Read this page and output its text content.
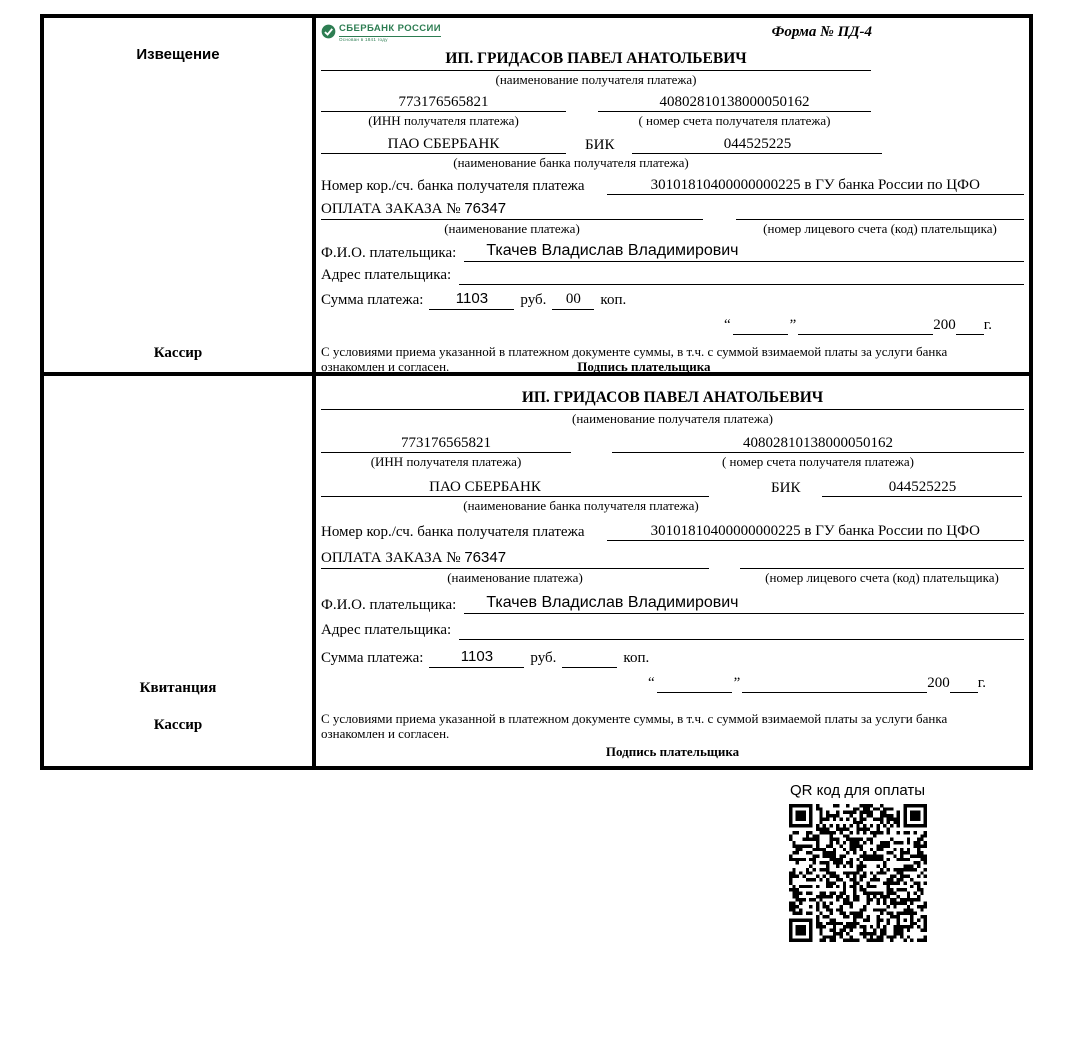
Извещение
Кассир
СБЕРБАНК РОССИИ
Основан в 1841 году	Форма № ПД-4
ИП. ГРИДАСОВ ПАВЕЛ АНАТОЛЬЕВИЧ
(наименование получателя платежа)
773176565821	40802810138000050162
(ИНН получателя платежа)	( номер счета получателя платежа)
ПАО СБЕРБАНК	БИК	044525225
(наименование банка получателя платежа)
Номер кор./сч. банка получателя платежа	30101810400000000225 в ГУ банка России по ЦФО
ОПЛАТА ЗАКАЗА № 76347
(наименование платежа)	(номер лицевого счета (код) плательщика)
Ф.И.О. плательщика:	Ткачев Владислав Владимирович
Адрес плательщика:
Сумма платежа:	1103	руб.	00	коп.
“	”	200 г.
С условиями приема указанной в платежном документе суммы, в т.ч. с суммой взимаемой платы за услуги банка
ознакомлен и согласен.	Подпись плательщика
Квитанция
Кассир
ИП. ГРИДАСОВ ПАВЕЛ АНАТОЛЬЕВИЧ
(наименование получателя платежа)
773176565821	40802810138000050162
(ИНН получателя платежа)	( номер счета получателя платежа)
ПАО СБЕРБАНК	БИК	044525225
(наименование банка получателя платежа)
Номер кор./сч. банка получателя платежа	30101810400000000225 в ГУ банка России по ЦФО
ОПЛАТА ЗАКАЗА № 76347
(наименование платежа)	(номер лицевого счета (код) плательщика)
Ф.И.О. плательщика:	Ткачев Владислав Владимирович
Адрес плательщика:
Сумма платежа:	1103	руб.	коп.
“	”	200 г.
С условиями приема указанной в платежном документе суммы, в т.ч. с суммой взимаемой платы за услуги банка
ознакомлен и согласен.
Подпись плательщика
QR код для оплаты
